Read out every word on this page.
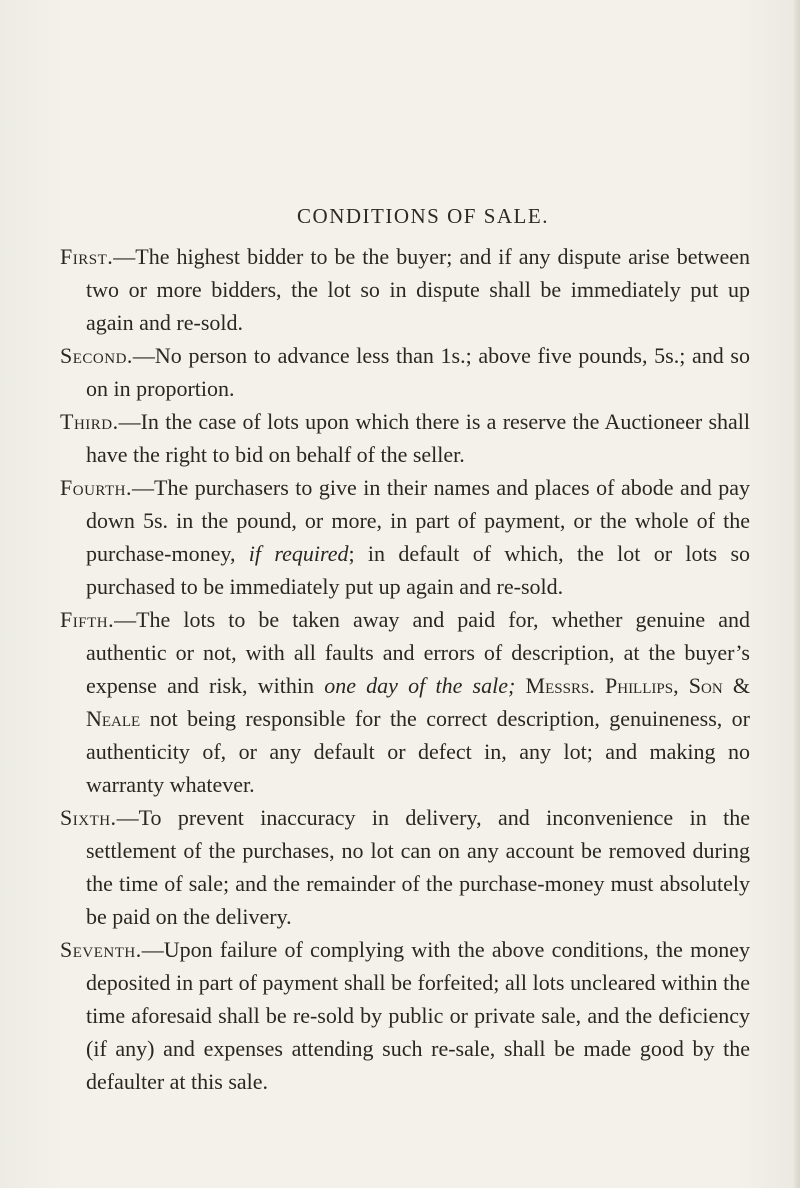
CONDITIONS OF SALE.

First.—The highest bidder to be the buyer; and if any dispute arise between two or more bidders, the lot so in dispute shall be immediately put up again and re-sold.

Second.—No person to advance less than 1s.; above five pounds, 5s.; and so on in proportion.

Third.—In the case of lots upon which there is a reserve the Auctioneer shall have the right to bid on behalf of the seller.

Fourth.—The purchasers to give in their names and places of abode and pay down 5s. in the pound, or more, in part of payment, or the whole of the purchase-money, if required; in default of which, the lot or lots so purchased to be immediately put up again and re-sold.

Fifth.—The lots to be taken away and paid for, whether genuine and authentic or not, with all faults and errors of description, at the buyer’s expense and risk, within one day of the sale; Messrs. Phillips, Son & Neale not being responsible for the correct description, genuineness, or authenticity of, or any default or defect in, any lot; and making no warranty whatever.

Sixth.—To prevent inaccuracy in delivery, and inconvenience in the settlement of the purchases, no lot can on any account be removed during the time of sale; and the remainder of the purchase-money must absolutely be paid on the delivery.

Seventh.—Upon failure of complying with the above conditions, the money deposited in part of payment shall be forfeited; all lots uncleared within the time aforesaid shall be re-sold by public or private sale, and the deficiency (if any) and expenses attending such re-sale, shall be made good by the defaulter at this sale.
